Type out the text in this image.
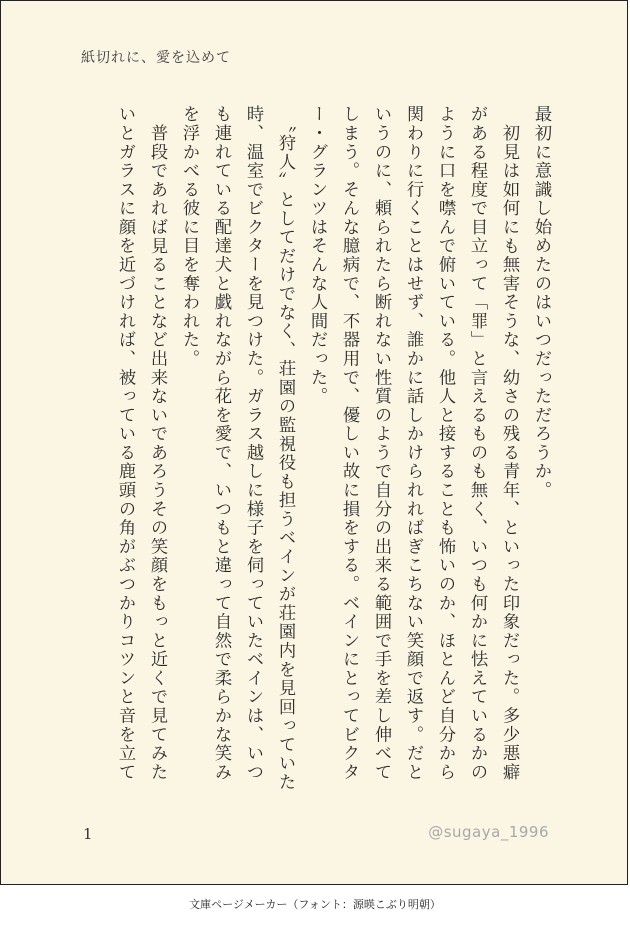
紙切れに、愛を込めて

最初に意識し始めたのはいつだっただろうか。

　初見は如何にも無害そうな、幼さの残る青年、といった印象だった。多少悪癖がある程度で目立って「罪」と言えるものも無く、いつも何かに怯えているかのように口を噤んで俯いている。他人と接することも怖いのか、ほとんど自分から関わりに行くことはせず、誰かに話しかけられればぎこちない笑顔で返す。だというのに、頼られたら断れない性質のようで自分の出来る範囲で手を差し伸べてしまう。そんな臆病で、不器用で、優しい故に損をする。ベインにとってビクター・グランツはそんな人間だった。

　〝狩人〟としてだけでなく、荘園の監視役も担うベインが荘園内を見回っていた時、温室でビクターを見つけた。ガラス越しに様子を伺っていたベインは、いつも連れている配達犬と戯れながら花を愛で、いつもと違って自然で柔らかな笑みを浮かべる彼に目を奪われた。

　普段であれば見ることなど出来ないであろうその笑顔をもっと近くで見てみたいとガラスに顔を近づければ、被っている鹿頭の角がぶつかりコツンと音を立て

1	@sugaya_1996
文庫ページメーカー（フォント：源暎こぶり明朝）
